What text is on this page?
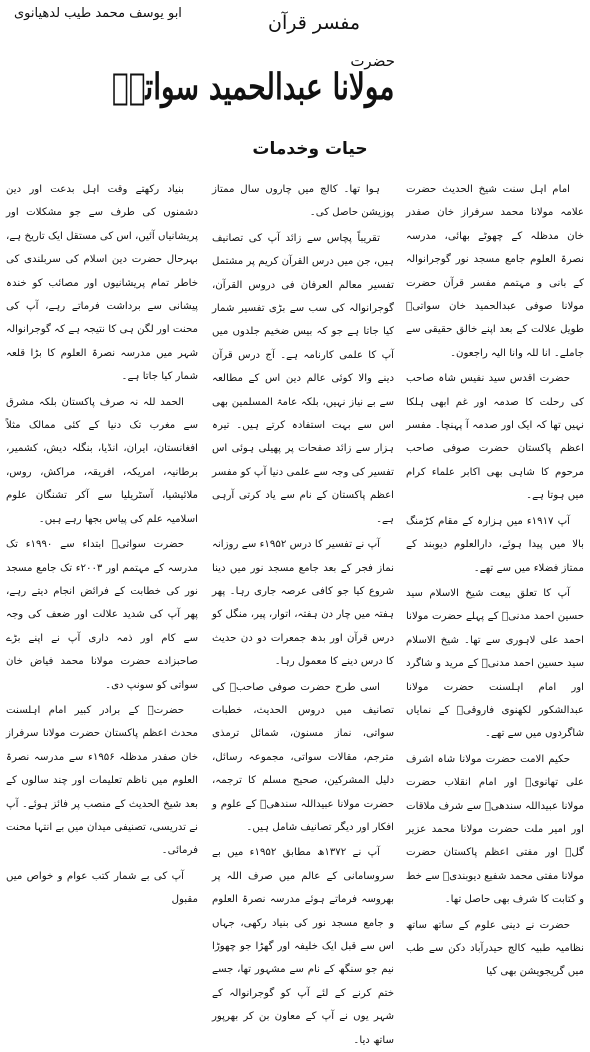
ابو یوسف محمد طیب لدھیانوی	مفسر قرآن
حضرت
مولانا عبدالحمید سواتیؒ
حیات وخدمات

امام اہل سنت شیخ الحدیث حضرت علامہ مولانا محمد سرفراز خان صفدر خان مدظلہ کے چھوٹے بھائی، مدرسہ نصرۃ العلوم جامع مسجد نور گوجرانوالہ کے بانی و مہتمم مفسر قرآن حضرت مولانا صوفی عبدالحمید خان سواتیؒ طویل علالت کے بعد اپنے خالق حقیقی سے جاملے۔ انا للہ وانا الیہ راجعون۔

حضرت اقدس سید نفیس شاہ صاحب کی رحلت کا صدمہ اور غم ابھی ہلکا نہیں تھا کہ ایک اور صدمہ آ پہنچا۔ مفسر اعظم پاکستان حضرت صوفی صاحب مرحوم کا شاہی بھی اکابر علماء کرام میں ہوتا ہے۔

آپ ۱۹۱۷ء میں ہزارہ کے مقام کڑمنگ بالا میں پیدا ہوئے، دارالعلوم دیوبند کے ممتاز فضلاء میں سے تھے۔

آپ کا تعلق بیعت شیخ الاسلام سید حسین احمد مدنیؒ کے پہلے حضرت مولانا احمد علی لاہوری سے تھا۔ شیخ الاسلام سید حسین احمد مدنیؒ کے مرید و شاگرد اور امام اہلسنت حضرت مولانا عبدالشکور لکھنوی فاروقیؒ کے نمایاں شاگردوں میں سے تھے۔

حکیم الامت حضرت مولانا شاہ اشرف علی تھانویؒ اور امام انقلاب حضرت مولانا عبیداللہ سندھیؒ سے شرف ملاقات اور امیر ملت حضرت مولانا محمد عزیر گلؒ اور مفتی اعظم پاکستان حضرت مولانا مفتی محمد شفیع دیوبندیؒ سے خط و کتابت کا شرف بھی حاصل تھا۔

حضرت نے دینی علوم کے ساتھ ساتھ نظامیہ طبیہ کالج حیدرآباد دکن سے طب میں گریجویشن بھی کیا

ہوا تھا۔ کالج میں چاروں سال ممتاز پوزیشن حاصل کی۔

تقریباً پچاس سے زائد آپ کی تصانیف ہیں، جن میں درس القرآن کریم پر مشتمل تفسیر معالم العرفان فی دروس القرآن، گوجرانوالہ کی سب سے بڑی تفسیر شمار کیا جاتا ہے جو کہ بیس ضخیم جلدوں میں آپ کا علمی کارنامہ ہے۔ آج درس قرآن دینے والا کوئی عالم دین اس کے مطالعہ سے بے نیاز نہیں، بلکہ عامۃ المسلمین بھی اس سے بہت استفادہ کرتے ہیں۔ تیرہ ہزار سے زائد صفحات پر پھیلی ہوئی اس تفسیر کی وجہ سے علمی دنیا آپ کو مفسر اعظم پاکستان کے نام سے یاد کرتی آرہی ہے۔

آپ نے تفسیر کا درس ۱۹۵۲ء سے روزانہ نماز فجر کے بعد جامع مسجد نور میں دینا شروع کیا جو کافی عرصہ جاری رہا۔ پھر ہفتہ میں چار دن ہفتہ، اتوار، پیر، منگل کو درس قرآن اور بدھ جمعرات دو دن حدیث کا درس دینے کا معمول رہا۔

اسی طرح حضرت صوفی صاحبؒ کی تصانیف میں دروس الحدیث، خطبات سواتی، نماز مسنون، شمائل ترمذی مترجم، مقالات سواتی، مجموعہ رسائل، دلیل المشرکین، صحیح مسلم کا ترجمہ، حضرت مولانا عبیداللہ سندھیؒ کے علوم و افکار اور دیگر تصانیف شامل ہیں۔

آپ نے ۱۳۷۲ھ مطابق ۱۹۵۲ء میں بے سروسامانی کے عالم میں صرف اللہ پر بھروسہ فرماتے ہوئے مدرسہ نصرۃ العلوم و جامع مسجد نور کی بنیاد رکھی، جہاں اس سے قبل ایک خلیفہ اور گھڑا جو چھوڑا نیم جو سنگھ کے نام سے مشہور تھا، جسے ختم کرنے کے لئے آپ کو گوجرانوالہ کے شہر یوں نے آپ کے معاون بن کر بھرپور ساتھ دیا۔

بنیاد رکھتے وقت اہل بدعت اور دین دشمنوں کی طرف سے جو مشکلات اور پریشانیاں آئیں، اس کی مستقل ایک تاریخ ہے، بہرحال حضرت دین اسلام کی سربلندی کی خاطر تمام پریشانیوں اور مصائب کو خندہ پیشانی سے برداشت فرماتے رہے، آپ کی محنت اور لگن ہی کا نتیجہ ہے کہ گوجرانوالہ شہر میں مدرسہ نصرۃ العلوم کا بڑا قلعہ شمار کیا جاتا ہے۔

الحمد للہ نہ صرف پاکستان بلکہ مشرق سے مغرب تک دنیا کے کئی ممالک مثلاً افغانستان، ایران، انڈیا، بنگلہ دیش، کشمیر، برطانیہ، امریکہ، افریقہ، مراکش، روس، ملائیشیا، آسٹریلیا سے آکر تشنگان علوم اسلامیہ علم کی پیاس بجھا رہے ہیں۔

حضرت سواتیؒ ابتداء سے ۱۹۹۰ء تک مدرسہ کے مہتمم اور ۲۰۰۳ء تک جامع مسجد نور کی خطابت کے فرائض انجام دیتے رہے، پھر آپ کی شدید علالت اور ضعف کی وجہ سے کام اور ذمہ داری آپ نے اپنے بڑے صاحبزادے حضرت مولانا محمد فیاض خان سواتی کو سونپ دی۔

حضرتؒ کے برادر کبیر امام اہلسنت محدث اعظم پاکستان حضرت مولانا سرفراز خان صفدر مدظلہ ۱۹۵۶ء سے مدرسہ نصرۃ العلوم میں ناظم تعلیمات اور چند سالوں کے بعد شیخ الحدیث کے منصب پر فائز ہوئے۔ آپ نے تدریسی، تصنیفی میدان میں بے انتہا محنت فرمائی۔

آپ کی بے شمار کتب عوام و خواص میں مقبول
